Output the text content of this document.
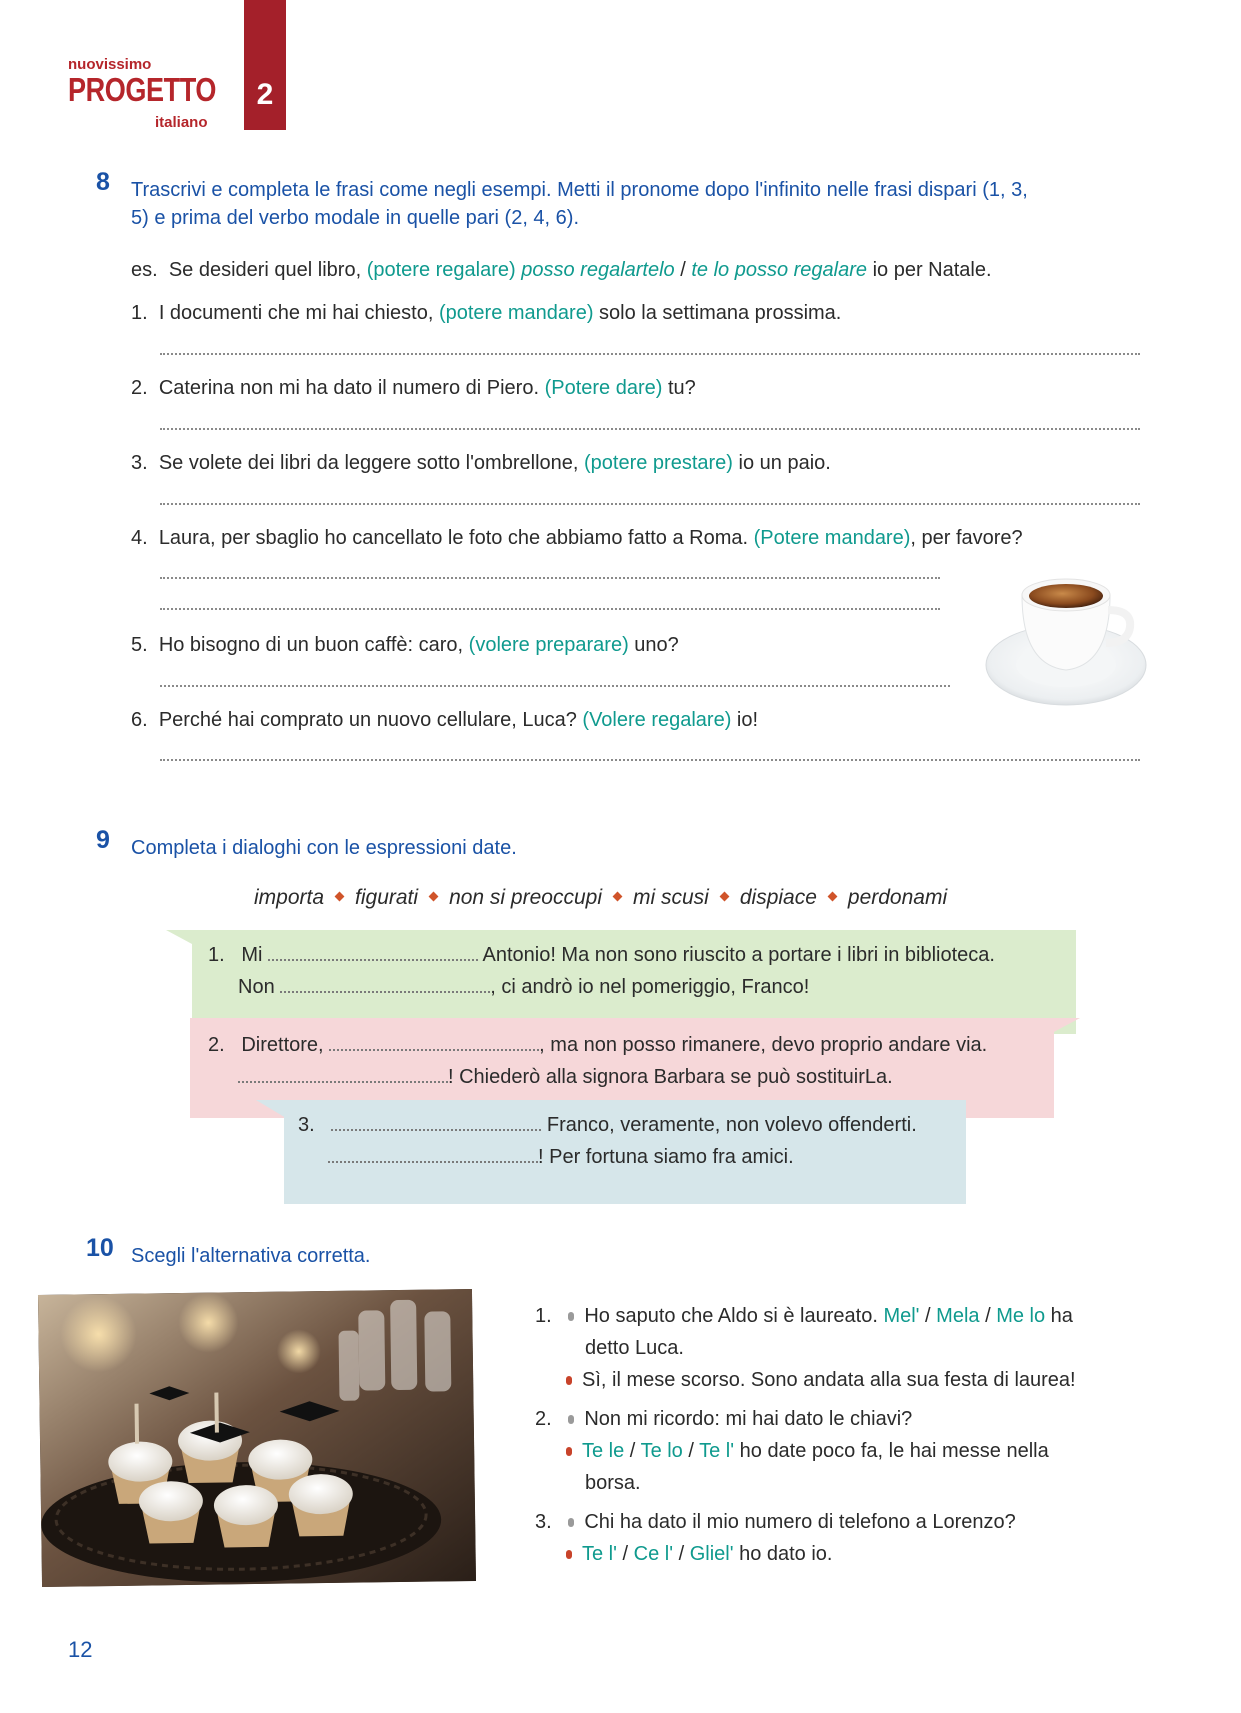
nuovissimo
PROGETTO
italiano
2
8 Trascrivi e completa le frasi come negli esempi. Metti il pronome dopo l'infinito nelle frasi dispari (1, 3,
5) e prima del verbo modale in quelle pari (2, 4, 6).
es. Se desideri quel libro, (potere regalare) posso regalartelo / te lo posso regalare io per Natale.
1. I documenti che mi hai chiesto, (potere mandare) solo la settimana prossima.
2. Caterina non mi ha dato il numero di Piero. (Potere dare) tu?
3. Se volete dei libri da leggere sotto l'ombrellone, (potere prestare) io un paio.
4. Laura, per sbaglio ho cancellato le foto che abbiamo fatto a Roma. (Potere mandare), per favore?
5. Ho bisogno di un buon caffè: caro, (volere preparare) uno?
6. Perché hai comprato un nuovo cellulare, Luca? (Volere regalare) io!
9 Completa i dialoghi con le espressioni date.
importa figurati non si preoccupi mi scusi dispiace perdonami
1. Mi	Antonio! Ma non sono riuscito a portare i libri in biblioteca.
Non	, ci andrò io nel pomeriggio, Franco!
2. Direttore,	, ma non posso rimanere, devo proprio andare via.
! Chiederò alla signora Barbara se può sostituirLa.
3.	Franco, veramente, non volevo offenderti.
! Per fortuna siamo fra amici.
10 Scegli l'alternativa corretta.
1. Ho saputo che Aldo si è laureato. Mel' / Mela / Me lo ha
detto Luca.
Sì, il mese scorso. Sono andata alla sua festa di laurea!
2. Non mi ricordo: mi hai dato le chiavi?
Te le / Te lo / Te l' ho date poco fa, le hai messe nella
borsa.
3. Chi ha dato il mio numero di telefono a Lorenzo?
Te l' / Ce l' / Gliel' ho dato io.
12
